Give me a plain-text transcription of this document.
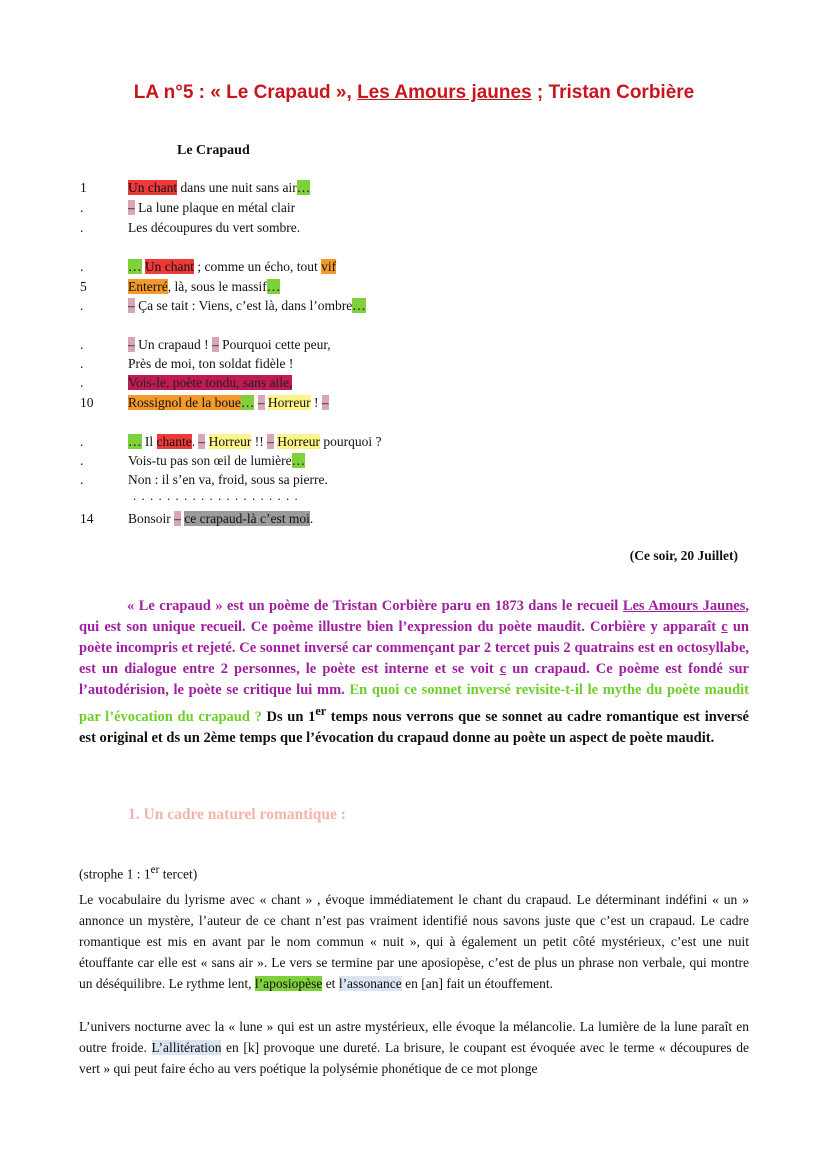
LA n°5 : « Le Crapaud », Les Amours jaunes ; Tristan Corbière
Le Crapaud
1	Un chant dans une nuit sans air…
.	– La lune plaque en métal clair
.	Les découpures du vert sombre.
.	… Un chant ; comme un écho, tout vif
5	Enterré, là, sous le massif…
.	– Ça se tait : Viens, c’est là, dans l’ombre…
.	– Un crapaud ! – Pourquoi cette peur,
.	Près de moi, ton soldat fidèle !
.	Vois-le, poète tondu, sans aile,
10	Rossignol de la boue… – Horreur ! –
.	… Il chante. – Horreur !! – Horreur pourquoi ?
.	Vois-tu pas son œil de lumière…
.	Non : il s’en va, froid, sous sa pierre.
14	Bonsoir – ce crapaud-là c’est moi.
. . . . . . . . . . . . . . . . . . . .
(Ce soir, 20 Juillet)
« Le crapaud » est un poème de Tristan Corbière paru en 1873 dans le recueil Les Amours Jaunes, qui est son unique recueil. Ce poème illustre bien l’expression du poète maudit. Corbière y apparaît c un poète incompris et rejeté. Ce sonnet inversé car commençant par 2 tercet puis 2 quatrains est en octosyllabe, est un dialogue entre 2 personnes, le poète est interne et se voit c un crapaud. Ce poème est fondé sur l’autodérision, le poète se critique lui mm. En quoi ce sonnet inversé revisite-t-il le mythe du poète maudit par l’évocation du crapaud ? Ds un 1er temps nous verrons que se sonnet au cadre romantique est inversé est original et ds un 2ème temps que l’évocation du crapaud donne au poète un aspect de poète maudit.
1. Un cadre naturel romantique :
(strophe 1 : 1er tercet)
Le vocabulaire du lyrisme avec « chant » , évoque immédiatement le chant du crapaud. Le déterminant indéfini « un » annonce un mystère, l’auteur de ce chant n’est pas vraiment identifié nous savons juste que c’est un crapaud. Le cadre romantique est mis en avant par le nom commun « nuit », qui à également un petit côté mystérieux, c’est une nuit étouffante car elle est « sans air ». Le vers se termine par une aposiopèse, c’est de plus un phrase non verbale, qui montre un déséquilibre. Le rythme lent, l’aposiopèse et l’assonance en [an] fait un étouffement.
L’univers nocturne avec la « lune » qui est un astre mystérieux, elle évoque la mélancolie. La lumière de la lune paraît en outre froide. L’allitération en [k] provoque une dureté. La brisure, le coupant est évoquée avec le terme « découpures de vert » qui peut faire écho au vers poétique la polysémie phonétique de ce mot plonge
